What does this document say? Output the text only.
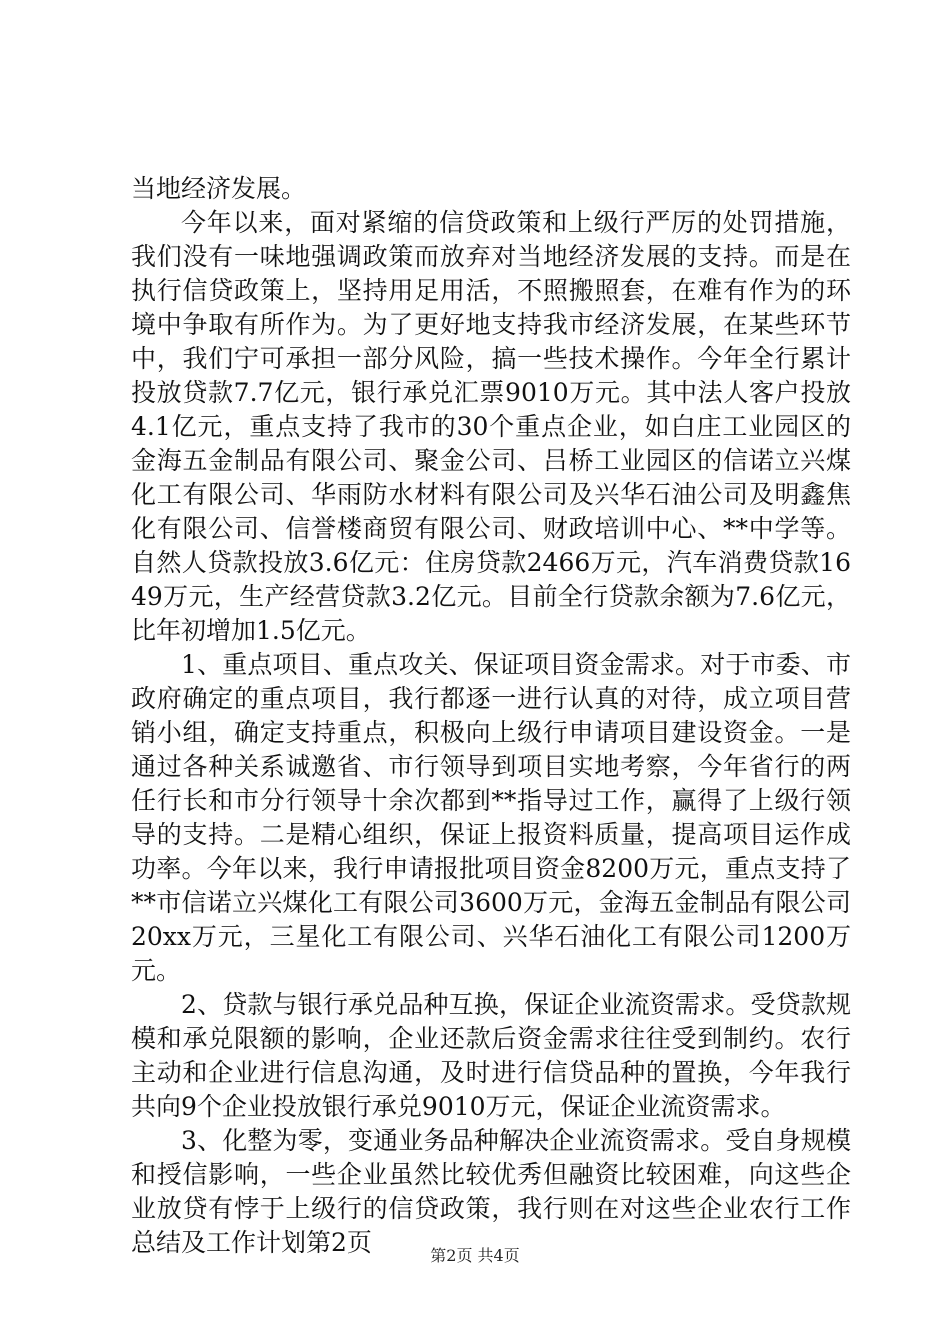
当地经济发展。

今年以来，面对紧缩的信贷政策和上级行严厉的处罚措施，我们没有一味地强调政策而放弃对当地经济发展的支持。而是在执行信贷政策上，坚持用足用活，不照搬照套，在难有作为的环境中争取有所作为。为了更好地支持我市经济发展，在某些环节中，我们宁可承担一部分风险，搞一些技术操作。今年全行累计投放贷款7.7亿元，银行承兑汇票9010万元。其中法人客户投放4.1亿元，重点支持了我市的30个重点企业，如白庄工业园区的金海五金制品有限公司、聚金公司、吕桥工业园区的信诺立兴煤化工有限公司、华雨防水材料有限公司及兴华石油公司及明鑫焦化有限公司、信誉楼商贸有限公司、财政培训中心、**中学等。自然人贷款投放3.6亿元：住房贷款2466万元，汽车消费贷款1649万元，生产经营贷款3.2亿元。目前全行贷款余额为7.6亿元，比年初增加1.5亿元。

1、重点项目、重点攻关、保证项目资金需求。对于市委、市政府确定的重点项目，我行都逐一进行认真的对待，成立项目营销小组，确定支持重点，积极向上级行申请项目建设资金。一是通过各种关系诚邀省、市行领导到项目实地考察，今年省行的两任行长和市分行领导十余次都到**指导过工作，赢得了上级行领导的支持。二是精心组织，保证上报资料质量，提高项目运作成功率。今年以来，我行申请报批项目资金8200万元，重点支持了**市信诺立兴煤化工有限公司3600万元，金海五金制品有限公司20xx万元，三星化工有限公司、兴华石油化工有限公司1200万元。

2、贷款与银行承兑品种互换，保证企业流资需求。受贷款规模和承兑限额的影响，企业还款后资金需求往往受到制约。农行主动和企业进行信息沟通，及时进行信贷品种的置换，今年我行共向9个企业投放银行承兑9010万元，保证企业流资需求。

3、化整为零，变通业务品种解决企业流资需求。受自身规模和授信影响，一些企业虽然比较优秀但融资比较困难，向这些企业放贷有悖于上级行的信贷政策，我行则在对这些企业农行工作总结及工作计划第2页	第2页 共4页
